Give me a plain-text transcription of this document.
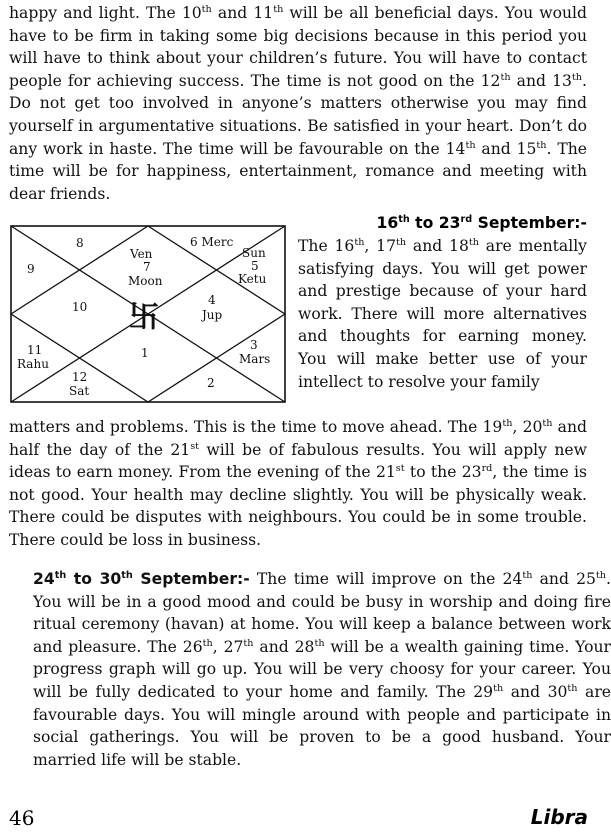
happy and light. The 10th and 11th will be all beneficial days. You would have to be firm in taking some big decisions because in this period you will have to think about your children’s future. You will have to contact people for achieving success. The time is not good on the 12th and 13th. Do not get too involved in anyone’s matters otherwise you may find yourself in argumentative situations. Be satisfied in your heart. Don’t do any work in haste. The time will be favourable on the 14th and 15th. The time will be for happiness, entertainment, romance and meeting with dear friends.

8	6 Merc
9
Ven
7
Moon
Sun
5
Ketu
10	4
Jup
11
Rahu
1
3
Mars
12
Sat
2
卐
16th to 23rd September:-

The 16th, 17th and 18th are mentally satisfying days. You will get power and prestige because of your hard work. There will more alternatives and thoughts for earning money. You will make better use of your intellect to resolve your family

matters and problems. This is the time to move ahead. The 19th, 20th and half the day of the 21st will be of fabulous results. You will apply new ideas to earn money. From the evening of the 21st to the 23rd, the time is not good. Your health may decline slightly. You will be physically weak. There could be disputes with neighbours. You could be in some trouble. There could be loss in business.

24th to 30th September:- The time will improve on the 24th and 25th. You will be in a good mood and could be busy in worship and doing fire ritual ceremony (havan) at home. You will keep a balance between work and pleasure. The 26th, 27th and 28th will be a wealth gaining time. Your progress graph will go up. You will be very choosy for your career. You will be fully dedicated to your home and family. The 29th and 30th are favourable days. You will mingle around with people and participate in social gatherings. You will be proven to be a good husband. Your married life will be stable.

46	Libra
